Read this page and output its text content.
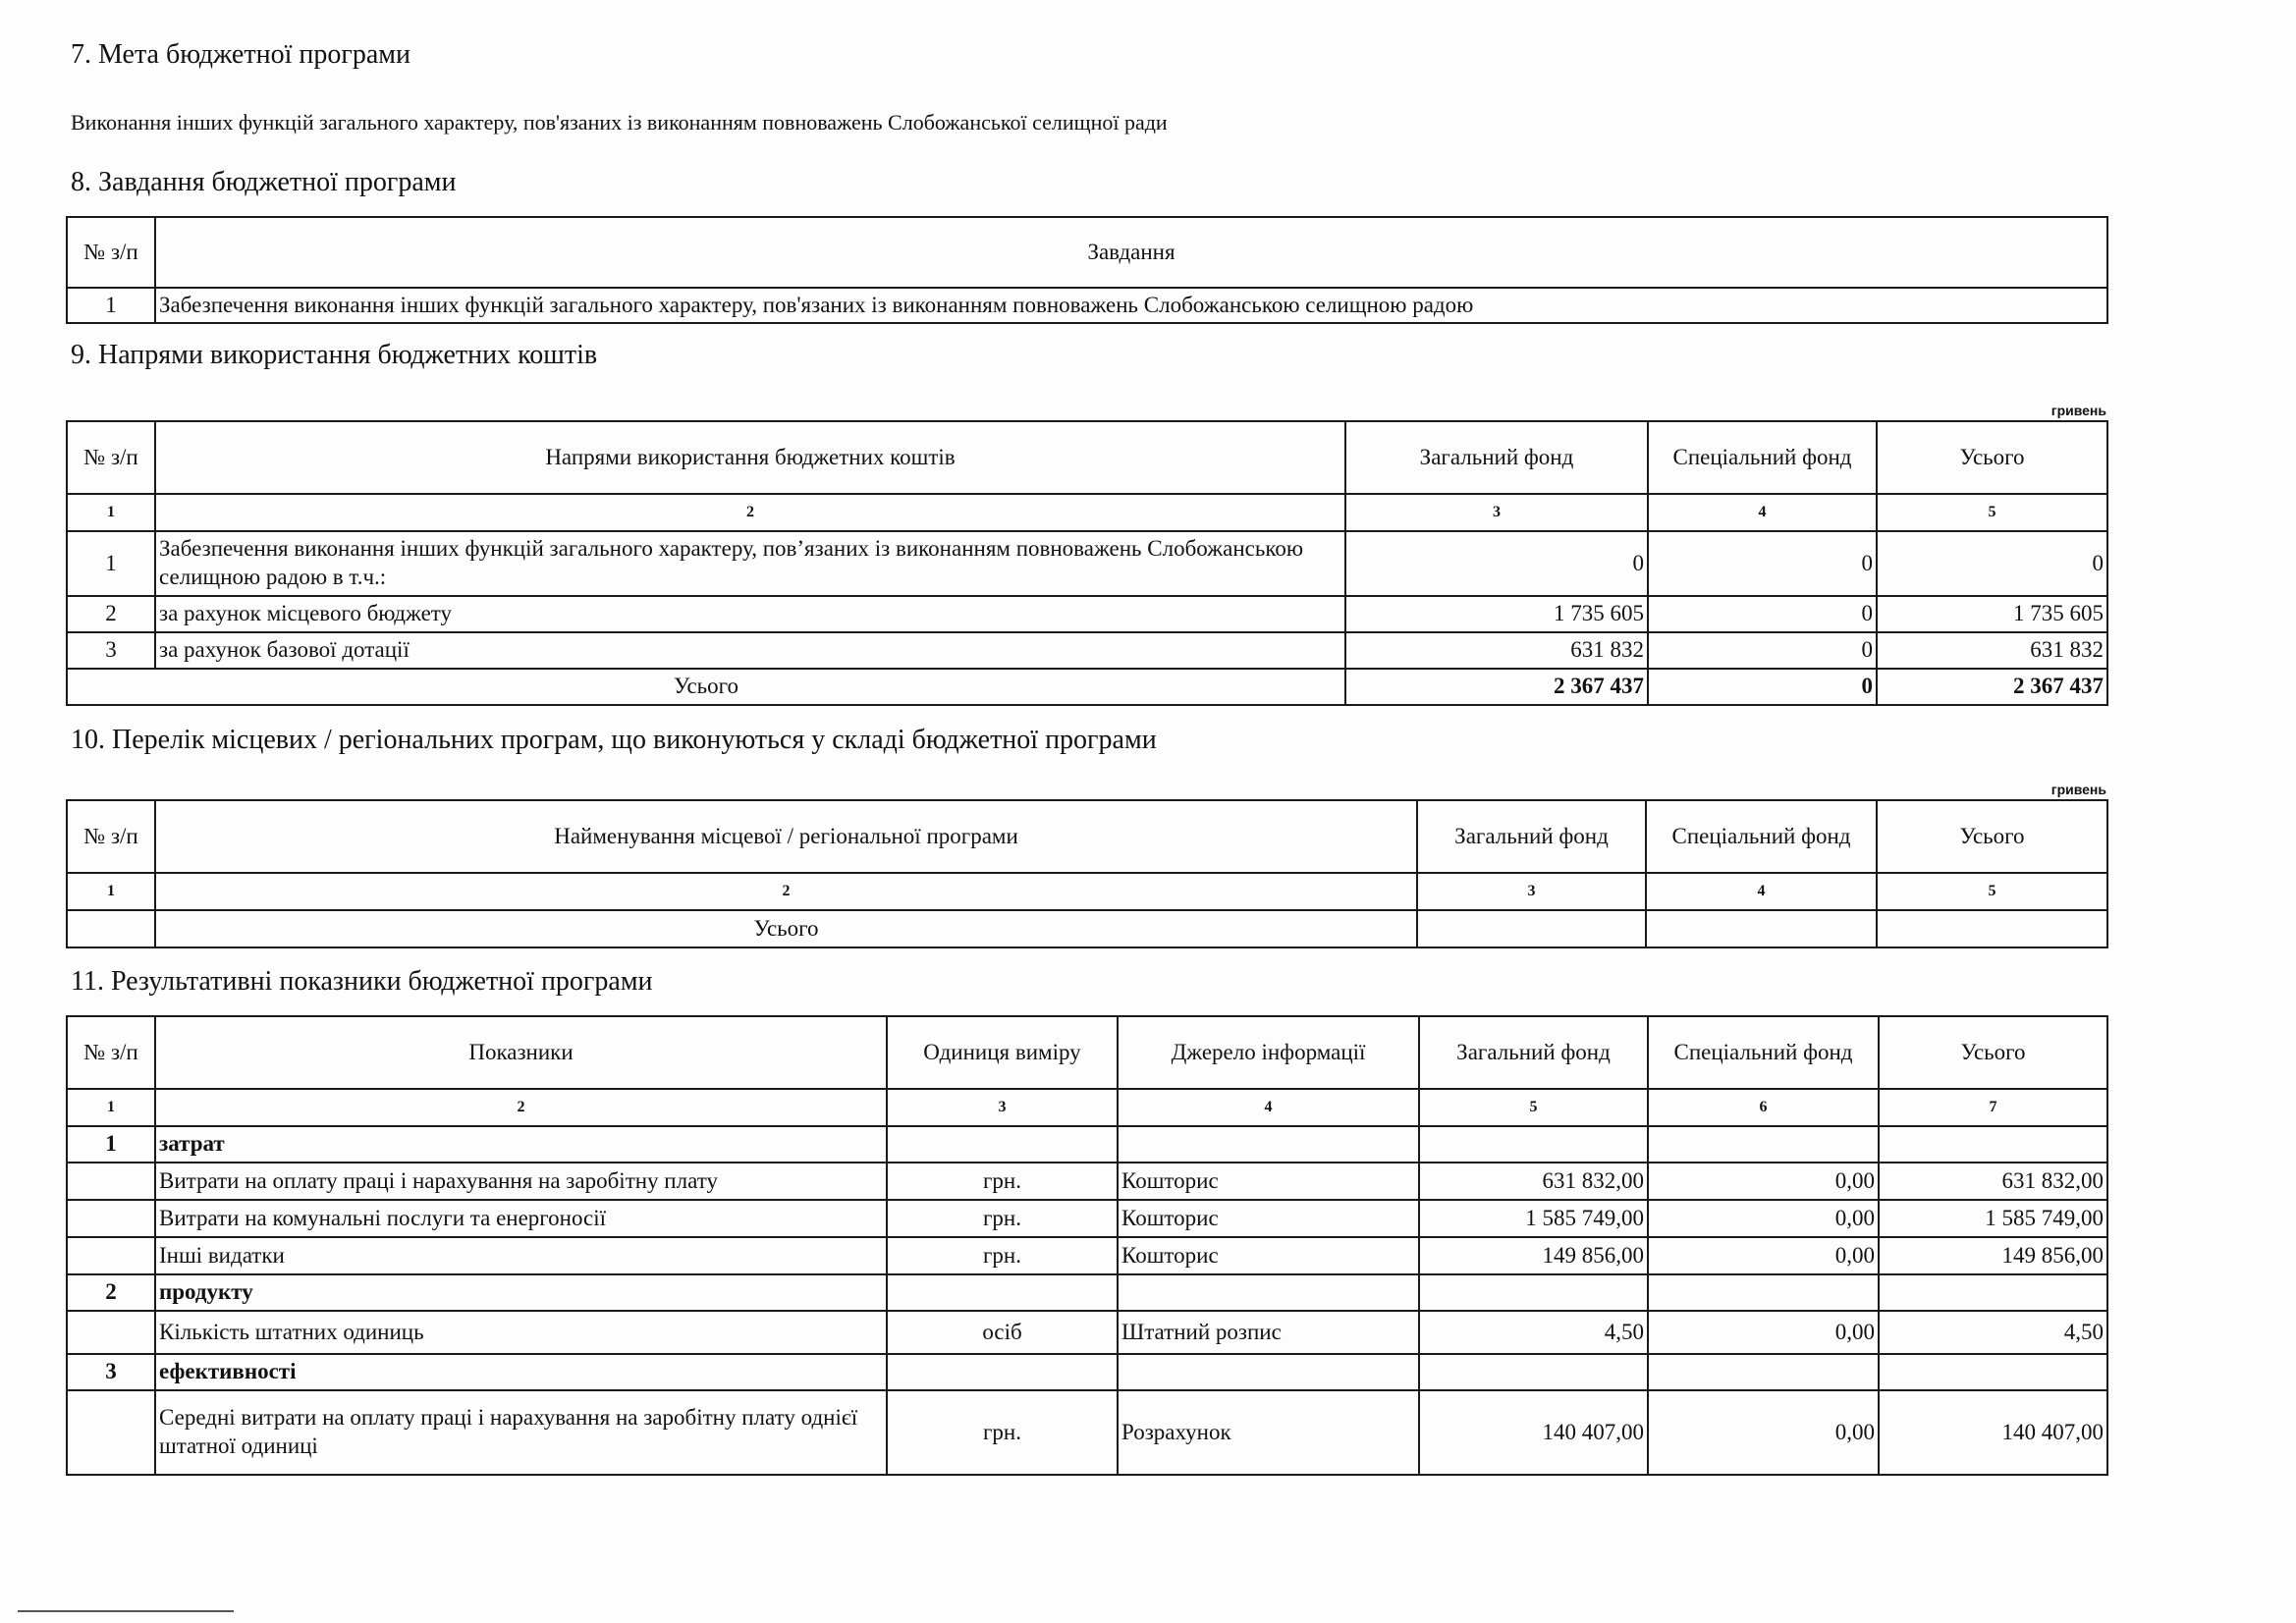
7. Мета бюджетної програми
Виконання інших функцій загального характеру, пов'язаних із виконанням повноважень Слобожанської селищної ради
8. Завдання бюджетної програми
№ з/п	Завдання
1	Забезпечення виконання інших функцій загального характеру, пов'язаних із виконанням повноважень Слобожанською селищною радою
9. Напрями використання бюджетних коштів
гривень
№ з/п	Напрями використання бюджетних коштів	Загальний фонд	Спеціальний фонд	Усього
1	2	3	4	5
1	Забезпечення виконання інших функцій загального характеру, пов’язаних із виконанням повноважень Слобожанською селищною радою в т.ч.:	0	0	0
2	за рахунок місцевого бюджету	1 735 605	0	1 735 605
3	за рахунок базової дотації	631 832	0	631 832
Усього		2 367 437	0	2 367 437
10. Перелік місцевих / регіональних програм, що виконуються у складі бюджетної програми
гривень
№ з/п	Найменування місцевої / регіональної програми	Загальний фонд	Спеціальний фонд	Усього
1	2	3	4	5
	Усього			
11. Результативні показники бюджетної програми
№ з/п	Показники	Одиниця виміру	Джерело інформації	Загальний фонд	Спеціальний фонд	Усього
1	2	3	4	5	6	7
1	затрат					
	Витрати на оплату праці і нарахування на заробітну плату	грн.	Кошторис	631 832,00	0,00	631 832,00
	Витрати на комунальні послуги та енергоносії	грн.	Кошторис	1 585 749,00	0,00	1 585 749,00
	Інші видатки	грн.	Кошторис	149 856,00	0,00	149 856,00
2	продукту					
	Кількість штатних одиниць	осіб	Штатний розпис	4,50	0,00	4,50
3	ефективності					
	Середні витрати на оплату праці і нарахування на заробітну плату однієї штатної одиниці	грн.	Розрахунок	140 407,00	0,00	140 407,00
